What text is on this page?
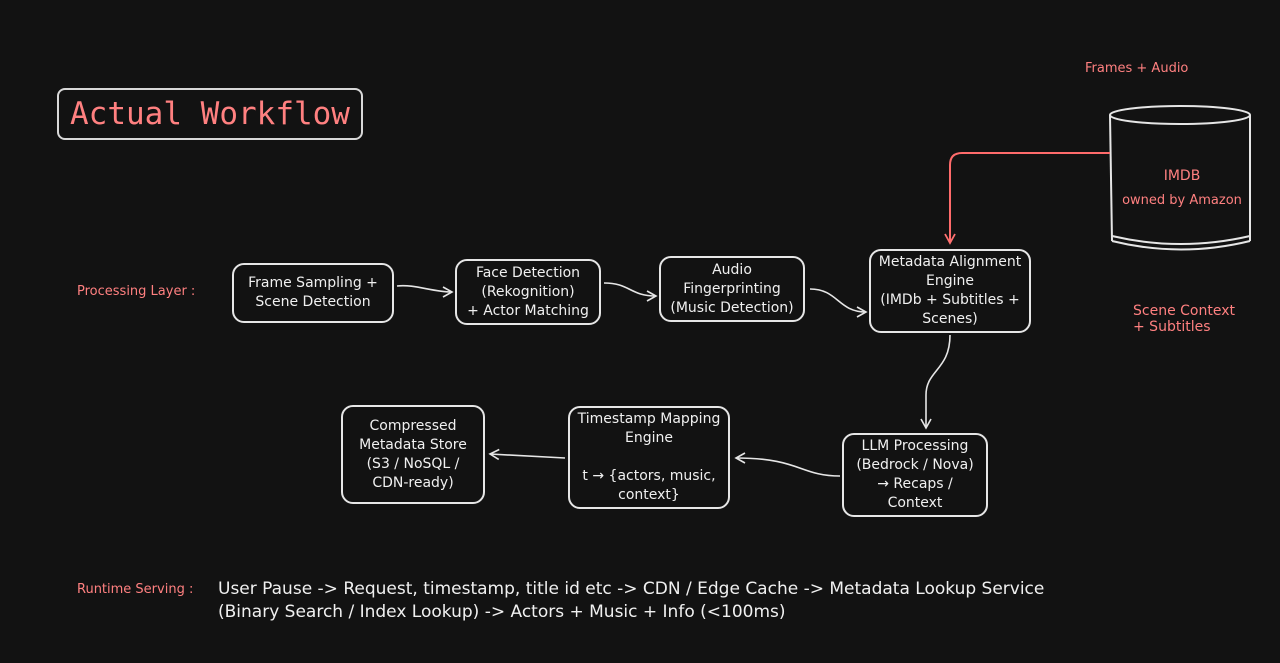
Actual Workflow
Frames + Audio
IMDB
owned by Amazon
Processing Layer :
Scene Context
+ Subtitles
Frame Sampling +
Scene Detection
Face Detection
(Rekognition)
+ Actor Matching
Audio
Fingerprinting
(Music Detection)
Metadata Alignment
Engine
(IMDb + Subtitles +
Scenes)
LLM Processing
(Bedrock / Nova)
→ Recaps /
Context
Timestamp Mapping
Engine
t → {actors, music,
context}
Compressed
Metadata Store
(S3 / NoSQL /
CDN-ready)
Runtime Serving : User Pause -> Request, timestamp, title id etc -> CDN / Edge Cache -> Metadata Lookup Service
(Binary Search / Index Lookup) -> Actors + Music + Info (<100ms)
